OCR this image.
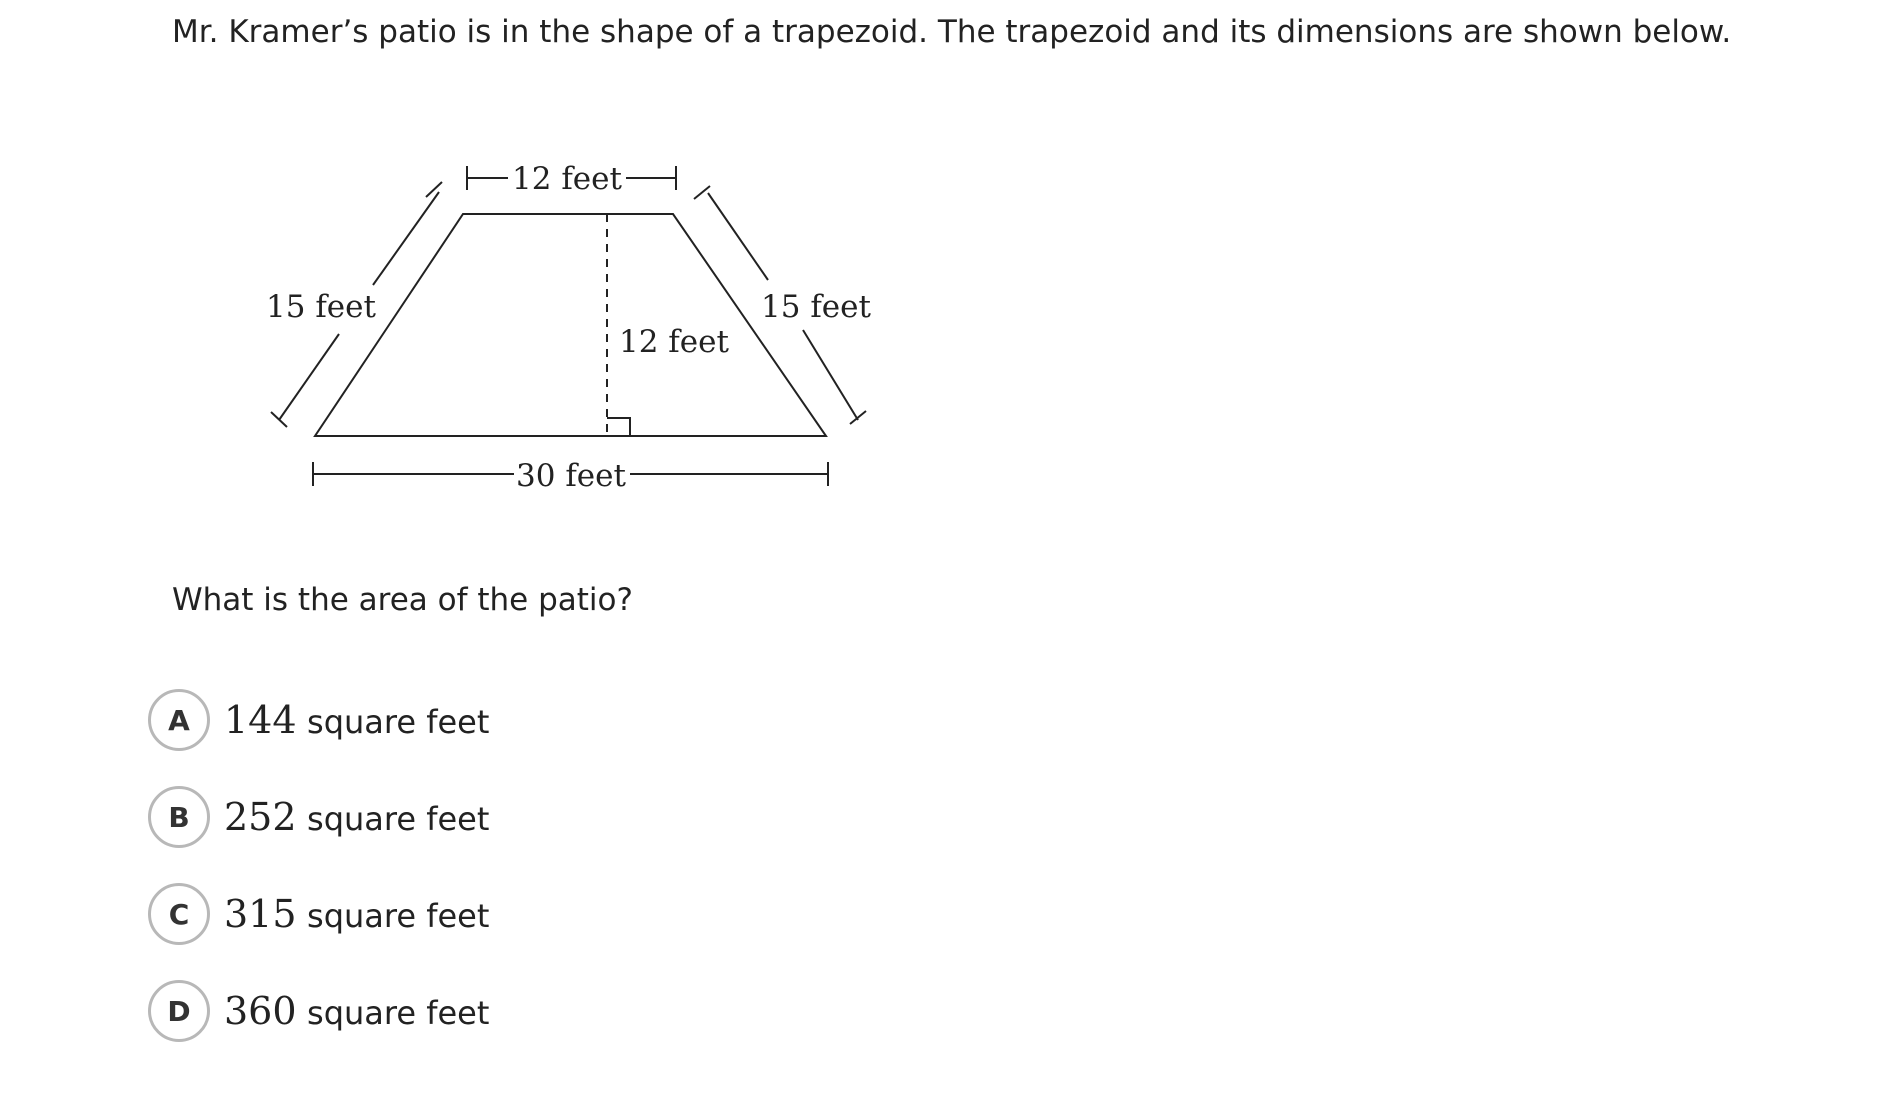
Mr. Kramer’s patio is in the shape of a trapezoid. The trapezoid and its dimensions are shown below.

12 feet
15 feet	15 feet
12 feet
30 feet

What is the area of the patio?

A 144 square feet
B 252 square feet
C 315 square feet
D 360 square feet
